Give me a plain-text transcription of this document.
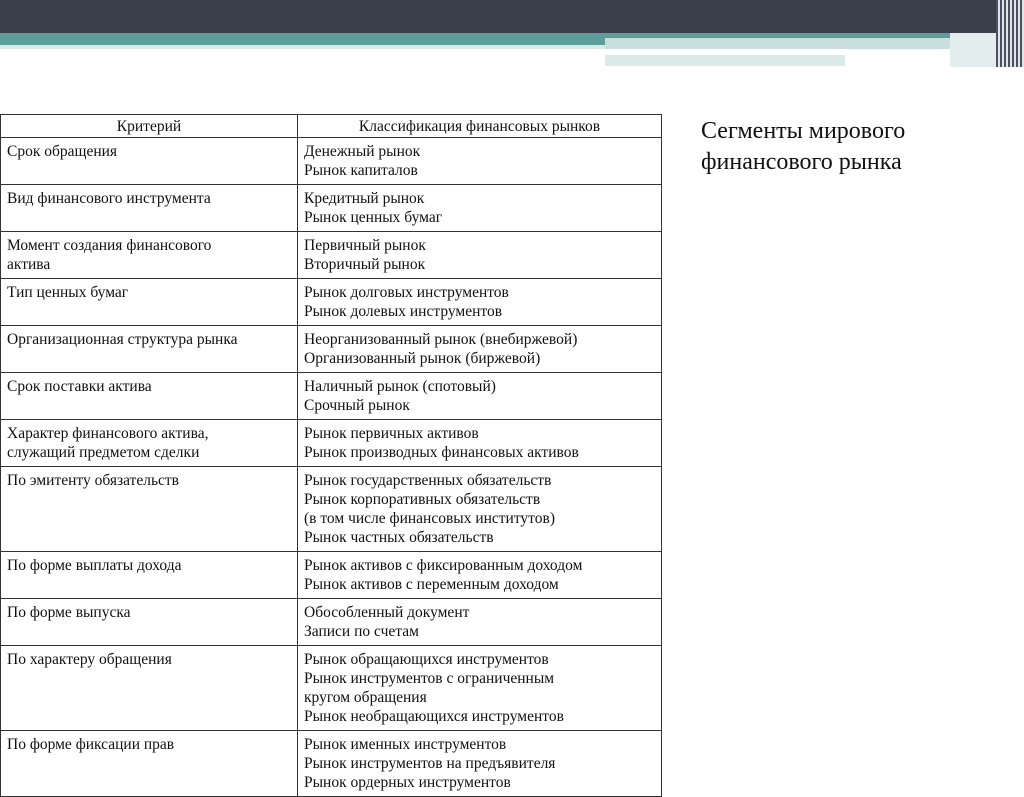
Критерий	Классификация финансовых рынков

Срок обращения	Денежный рынок
Рынок капиталов

Вид финансового инструмента	Кредитный рынок
Рынок ценных бумаг

Момент создания финансового
актива	Первичный рынок
Вторичный рынок

Тип ценных бумаг	Рынок долговых инструментов
Рынок долевых инструментов

Организационная структура рынка	Неорганизованный рынок (внебиржевой)
Организованный рынок (биржевой)

Срок поставки актива	Наличный рынок (спотовый)
Срочный рынок

Характер финансового актива,
служащий предметом сделки	Рынок первичных активов
Рынок производных финансовых активов

По эмитенту обязательств	Рынок государственных обязательств
Рынок корпоративных обязательств
(в том числе финансовых институтов)
Рынок частных обязательств

По форме выплаты дохода	Рынок активов с фиксированным доходом
Рынок активов с переменным доходом

По форме выпуска	Обособленный документ
Записи по счетам

По характеру обращения	Рынок обращающихся инструментов
Рынок инструментов с ограниченным
кругом обращения
Рынок необращающихся инструментов

По форме фиксации прав	Рынок именных инструментов
Рынок инструментов на предъявителя
Рынок ордерных инструментов
Сегменты мирового
финансового рынка
